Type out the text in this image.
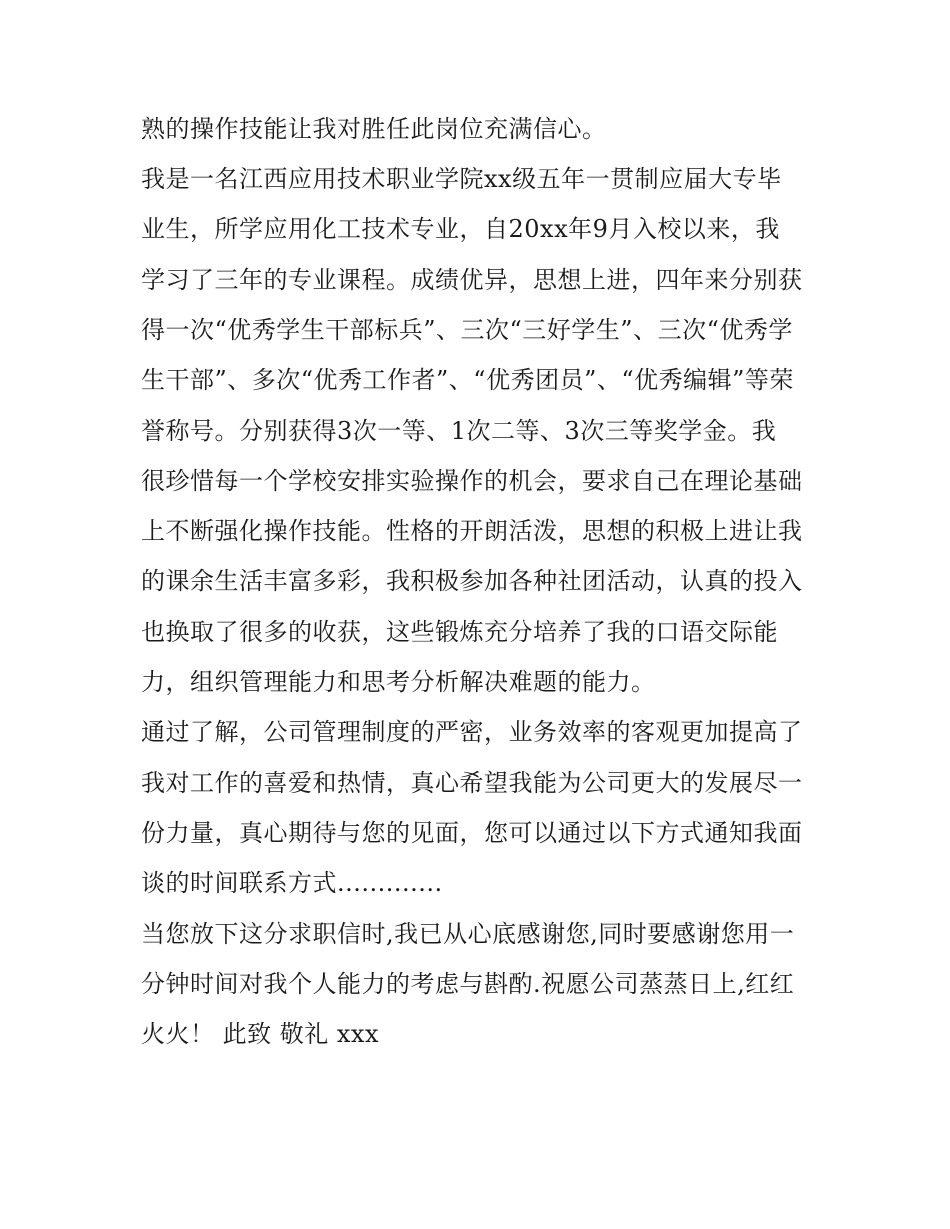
熟的操作技能让我对胜任此岗位充满信心。
我是一名江西应用技术职业学院xx级五年一贯制应届大专毕
业生，所学应用化工技术专业，自20xx年9月入校以来，我
学习了三年的专业课程。成绩优异，思想上进，四年来分别获
得一次“优秀学生干部标兵”、三次“三好学生”、三次“优秀学
生干部”、多次“优秀工作者”、“优秀团员”、“优秀编辑”等荣
誉称号。分别获得3次一等、1次二等、3次三等奖学金。我
很珍惜每一个学校安排实验操作的机会，要求自己在理论基础
上不断强化操作技能。性格的开朗活泼，思想的积极上进让我
的课余生活丰富多彩，我积极参加各种社团活动，认真的投入
也换取了很多的收获，这些锻炼充分培养了我的口语交际能
力，组织管理能力和思考分析解决难题的能力。
通过了解，公司管理制度的严密，业务效率的客观更加提高了
我对工作的喜爱和热情，真心希望我能为公司更大的发展尽一
份力量，真心期待与您的见面，您可以通过以下方式通知我面
谈的时间联系方式.............
当您放下这分求职信时,我已从心底感谢您,同时要感谢您用一
分钟时间对我个人能力的考虑与斟酌.祝愿公司蒸蒸日上,红红
火火！ 此致 敬礼 xxx
